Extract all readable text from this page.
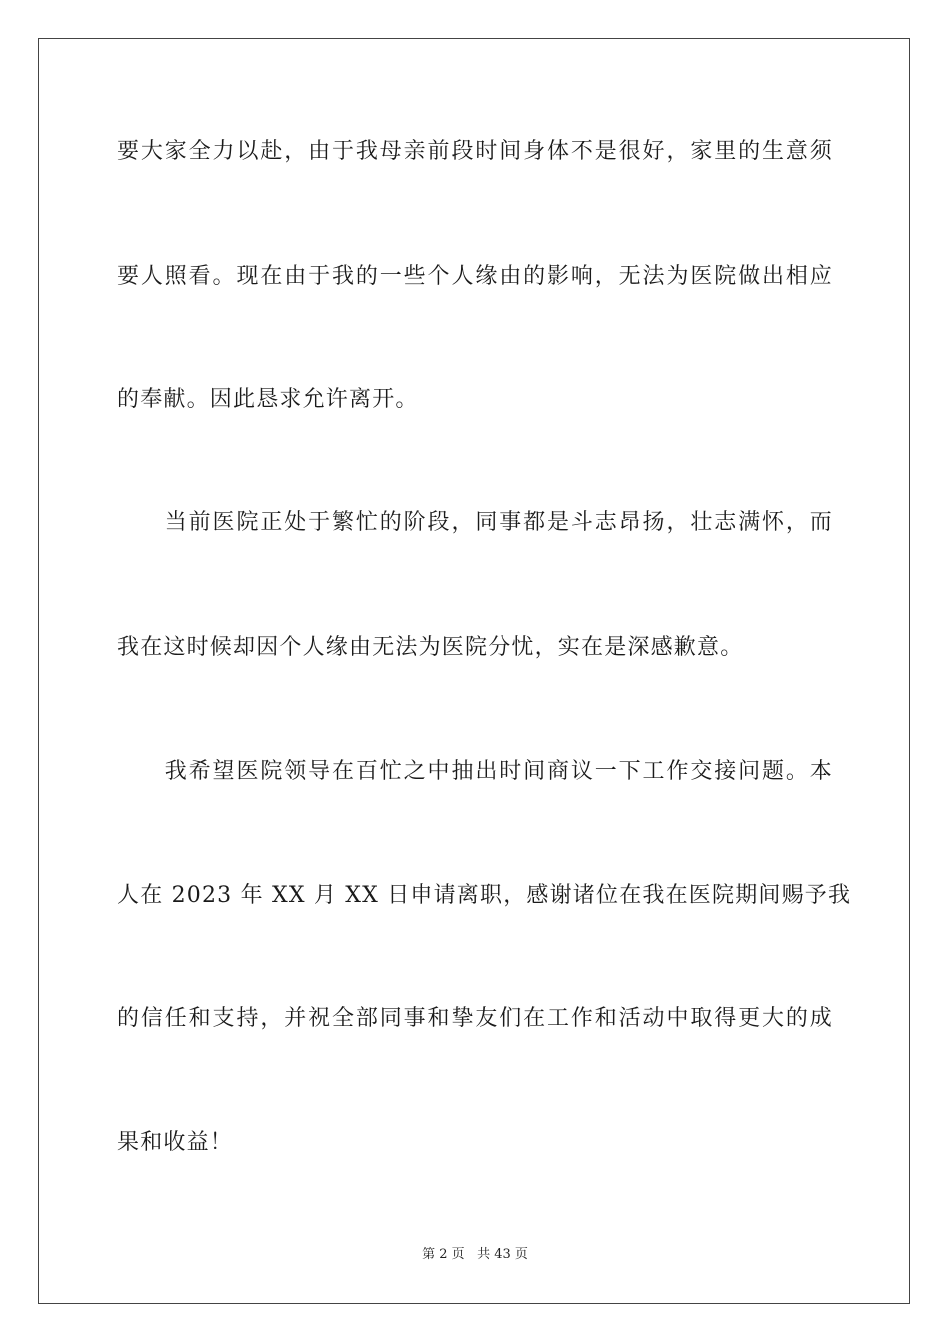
要大家全力以赴，由于我母亲前段时间身体不是很好，家里的生意须
要人照看。现在由于我的一些个人缘由的影响，无法为医院做出相应
的奉献。因此恳求允许离开。
　　当前医院正处于繁忙的阶段，同事都是斗志昂扬，壮志满怀，而
我在这时候却因个人缘由无法为医院分忧，实在是深感歉意。
　　我希望医院领导在百忙之中抽出时间商议一下工作交接问题。本
人在 2023 年 XX 月 XX 日申请离职，感谢诸位在我在医院期间赐予我
的信任和支持，并祝全部同事和挚友们在工作和活动中取得更大的成
果和收益！
第 2 页 共 43 页
